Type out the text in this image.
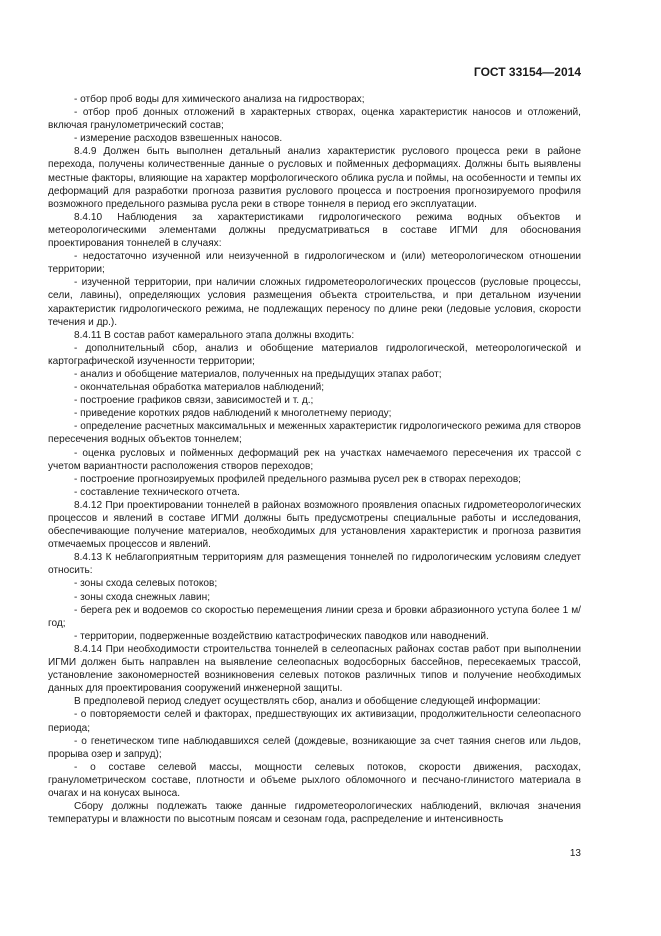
ГОСТ 33154—2014

- отбор проб воды для химического анализа на гидростворах;

- отбор проб донных отложений в характерных створах, оценка характеристик наносов и отложений, включая гранулометрический состав;

- измерение расходов взвешенных наносов.

8.4.9 Должен быть выполнен детальный анализ характеристик руслового процесса реки в районе перехода, получены количественные данные о русловых и пойменных деформациях. Должны быть выявлены местные факторы, влияющие на характер морфологического облика русла и поймы, на особенности и темпы их деформаций для разработки прогноза развития руслового процесса и построения прогнозируемого профиля возможного предельного размыва русла реки в створе тоннеля в период его эксплуатации.

8.4.10 Наблюдения за характеристиками гидрологического режима водных объектов и метеорологическими элементами должны предусматриваться в составе ИГМИ для обоснования проектирования тоннелей в случаях:

- недостаточно изученной или неизученной в гидрологическом и (или) метеорологическом отношении территории;

- изученной территории, при наличии сложных гидрометеорологических процессов (русловые процессы, сели, лавины), определяющих условия размещения объекта строительства, и при детальном изучении характеристик гидрологического режима, не подлежащих переносу по длине реки (ледовые условия, скорости течения и др.).

8.4.11 В состав работ камерального этапа должны входить:

- дополнительный сбор, анализ и обобщение материалов гидрологической, метеорологической и картографической изученности территории;

- анализ и обобщение материалов, полученных на предыдущих этапах работ;

- окончательная обработка материалов наблюдений;

- построение графиков связи, зависимостей и т. д.;

- приведение коротких рядов наблюдений к многолетнему периоду;

- определение расчетных максимальных и меженных характеристик гидрологического режима для створов пересечения водных объектов тоннелем;

- оценка русловых и пойменных деформаций рек на участках намечаемого пересечения их трассой с учетом вариантности расположения створов переходов;

- построение прогнозируемых профилей предельного размыва русел рек в створах переходов;

- составление технического отчета.

8.4.12 При проектировании тоннелей в районах возможного проявления опасных гидрометеорологических процессов и явлений в составе ИГМИ должны быть предусмотрены специальные работы и исследования, обеспечивающие получение материалов, необходимых для установления характеристик и прогноза развития отмечаемых процессов и явлений.

8.4.13 К неблагоприятным территориям для размещения тоннелей по гидрологическим условиям следует относить:

- зоны схода селевых потоков;

- зоны схода снежных лавин;

- берега рек и водоемов со скоростью перемещения линии среза и бровки абразионного уступа более 1 м/год;

- территории, подверженные воздействию катастрофических паводков или наводнений.

8.4.14 При необходимости строительства тоннелей в селеопасных районах состав работ при выполнении ИГМИ должен быть направлен на выявление селеопасных водосборных бассейнов, пересекаемых трассой, установление закономерностей возникновения селевых потоков различных типов и получение необходимых данных для проектирования сооружений инженерной защиты.

В предполевой период следует осуществлять сбор, анализ и обобщение следующей информации:

- о повторяемости селей и факторах, предшествующих их активизации, продолжительности селеопасного периода;

- о генетическом типе наблюдавшихся селей (дождевые, возникающие за счет таяния снегов или льдов, прорыва озер и запруд);

- о составе селевой массы, мощности селевых потоков, скорости движения, расходах, гранулометрическом составе, плотности и объеме рыхлого обломочного и песчано-глинистого материала в очагах и на конусах выноса.

Сбору должны подлежать также данные гидрометеорологических наблюдений, включая значения температуры и влажности по высотным поясам и сезонам года, распределение и интенсивность

13
